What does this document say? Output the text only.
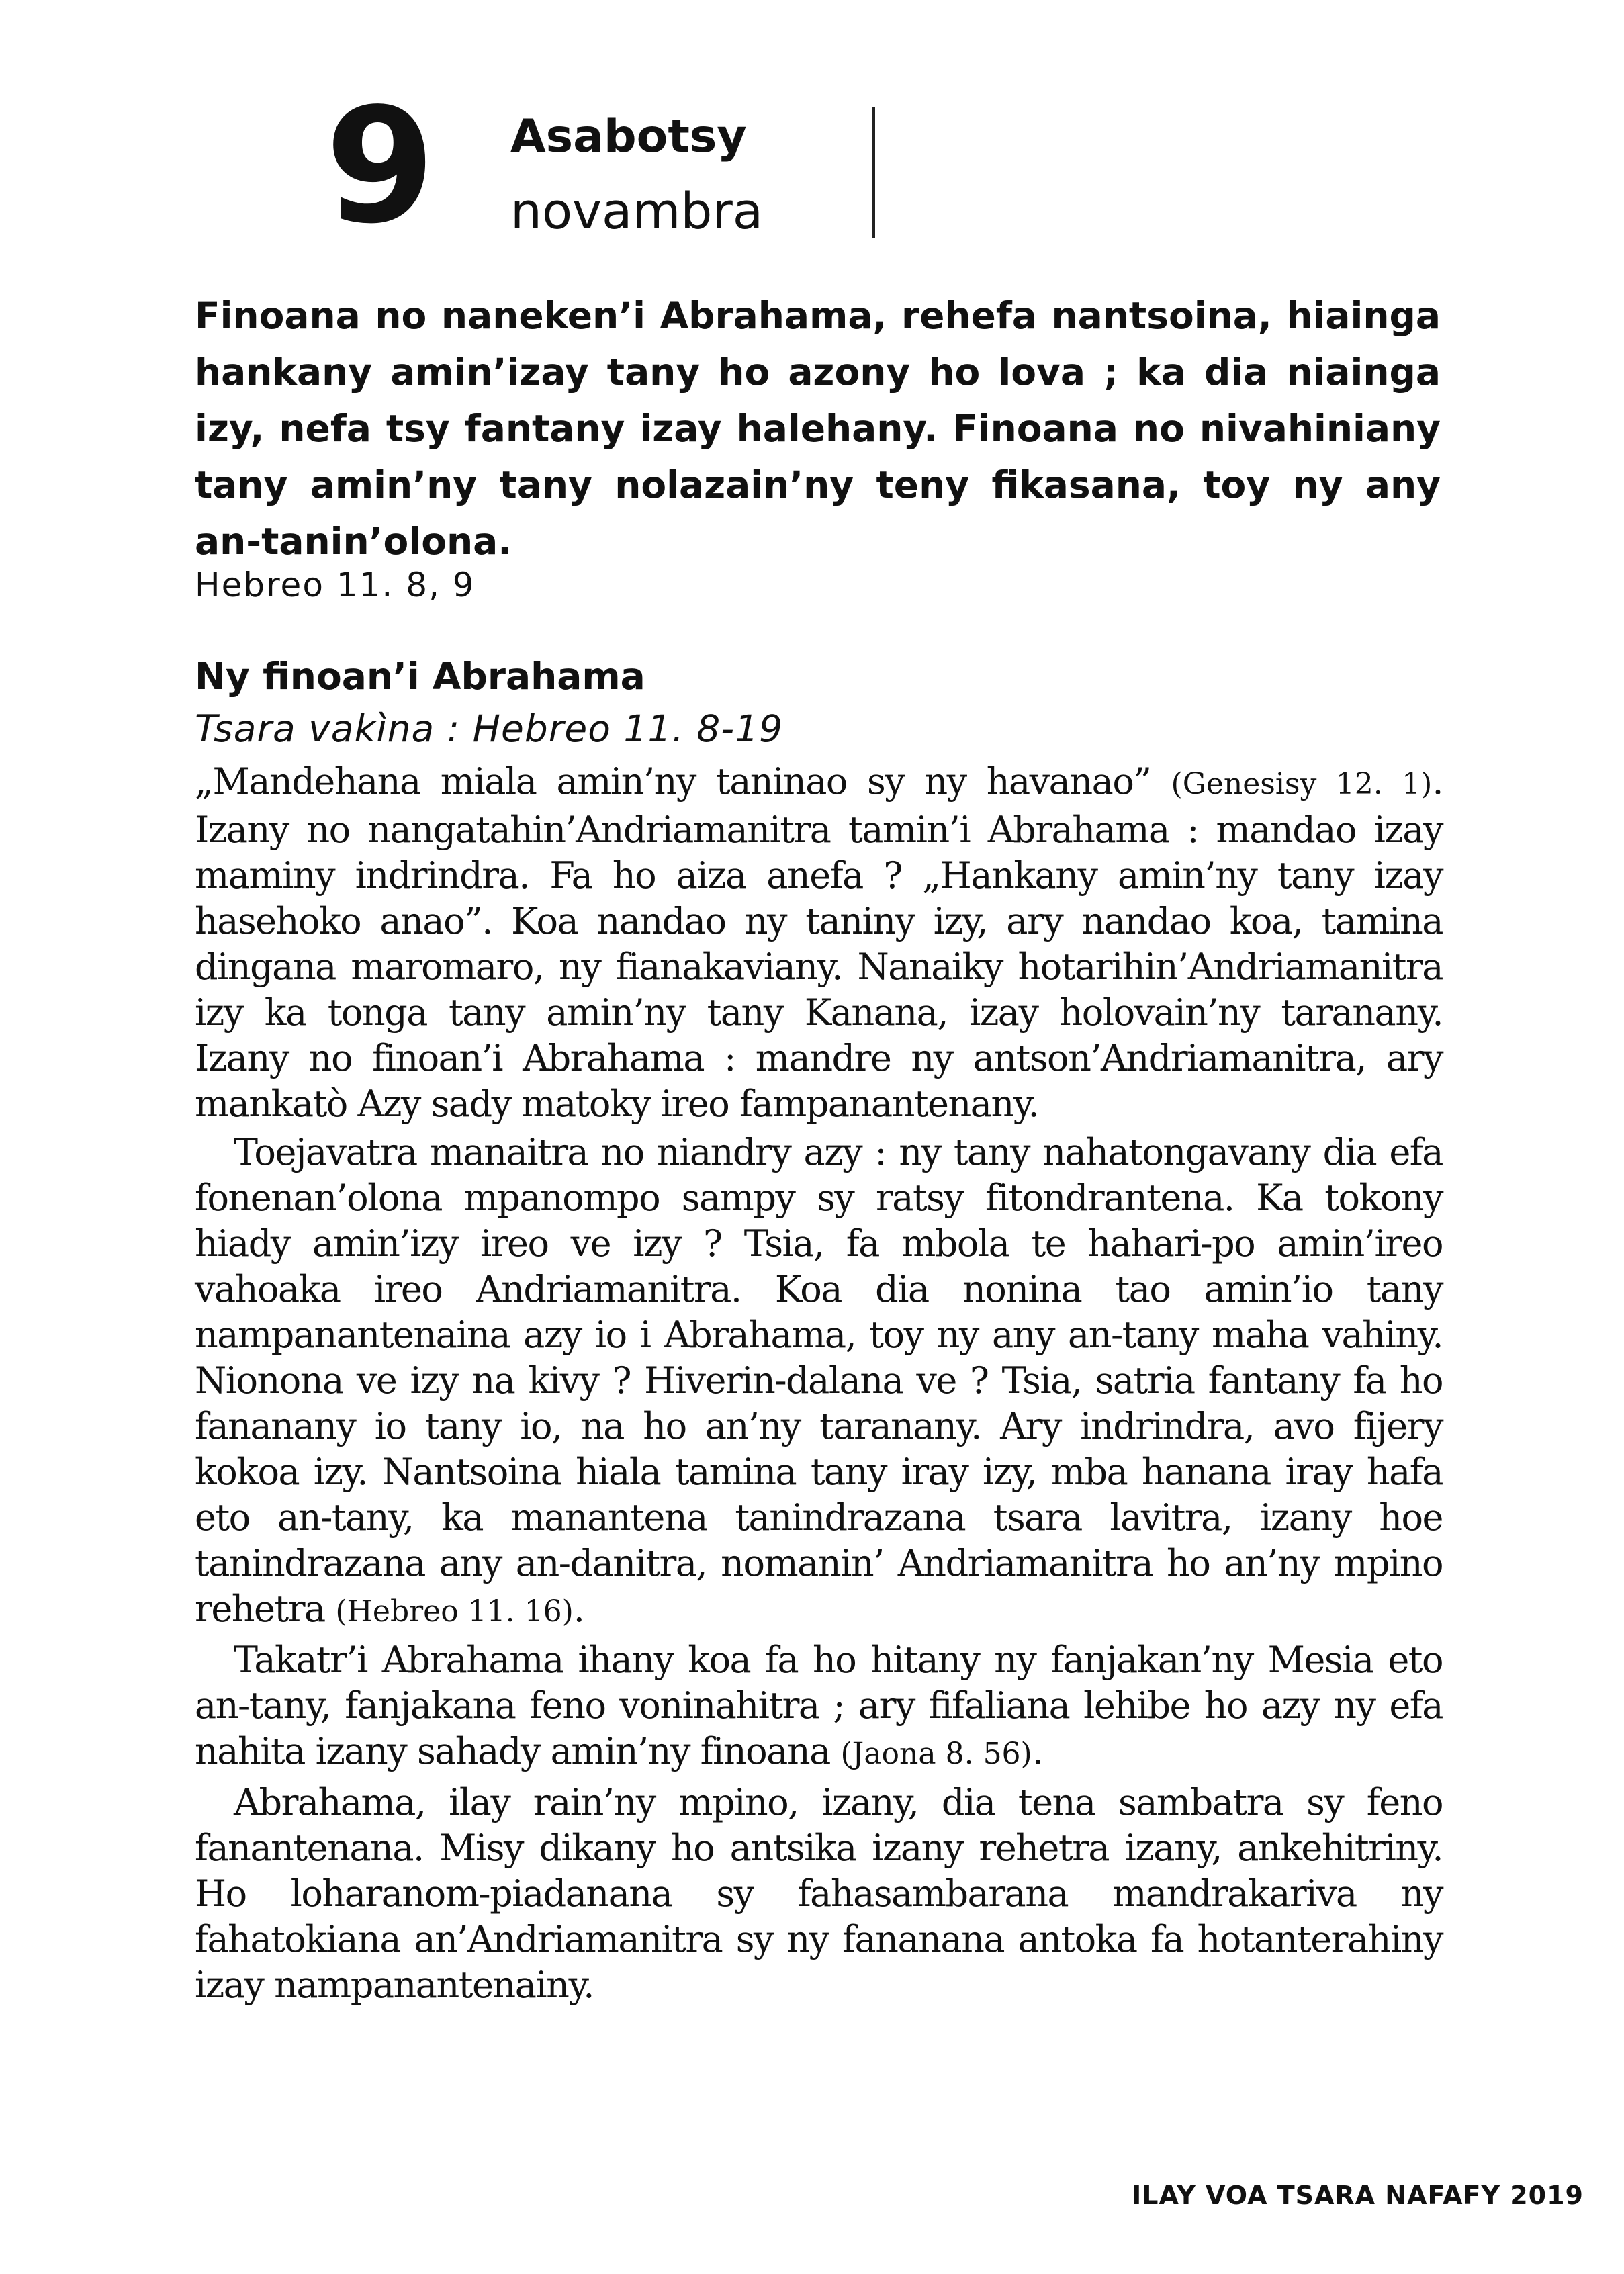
9 Asabotsy
novambra

Finoana no naneken’i Abrahama, rehefa nantsoina, hiainga hankany amin’izay tany ho azony ho lova ; ka dia niainga izy, nefa tsy fantany izay halehany. Finoana no nivahiniany tany amin’ny tany nolazain’ny teny fikasana, toy ny any an-tanin’olona.

Hebreo 11. 8, 9
Ny finoan’i Abrahama
Tsara vakìna : Hebreo 11. 8-19

„Mandehana miala amin’ny taninao sy ny havanao” (Genesisy 12. 1). Izany no nangatahin’Andriamanitra tamin’i Abrahama : mandao izay maminy indrindra. Fa ho aiza anefa ? „Hankany amin’ny tany izay hasehoko anao”. Koa nandao ny taniny izy, ary nandao koa, tamina dingana maromaro, ny fianakaviany. Nanaiky hotarihin’Andriamanitra izy ka tonga tany amin’ny tany Kanana, izay holovain’ny taranany. Izany no finoan’i Abrahama : mandre ny antson’Andriamanitra, ary mankatò Azy sady matoky ireo fampanantenany.

Toejavatra manaitra no niandry azy : ny tany nahatongavany dia efa fonenan’olona mpanompo sampy sy ratsy fitondrantena. Ka tokony hiady amin’izy ireo ve izy ? Tsia, fa mbola te hahari-po amin’ireo vahoaka ireo Andriamanitra. Koa dia nonina tao amin’io tany nampanantenaina azy io i Abrahama, toy ny any an-tany maha vahiny. Niononа ve izy na kivy ? Hiverin-dalana ve ? Tsia, satria fantany fa ho fananany io tany io, na ho an’ny taranany. Ary indrindra, avo fijery kokoa izy. Nantsoina hiala tamina tany iray izy, mba hanana iray hafa eto an-tany, ka manantena tanindrazana tsara lavitra, izany hoe tanindrazana any an-danitra, nomanin’ Andriamanitra ho an’ny mpino rehetra (Hebreo 11. 16).

Takatr’i Abrahama ihany koa fa ho hitany ny fanjakan’ny Mesia eto an-tany, fanjakana feno voninahitra ; ary fifaliana lehibe ho azy ny efa nahita izany sahady amin’ny finoana (Jaona 8. 56).

Abrahama, ilay rain’ny mpino, izany, dia tena sambatra sy feno fanantenana. Misy dikany ho antsika izany rehetra izany, ankehitriny. Ho loharanom-piadanana sy fahasambarana mandrakariva ny fahatokiana an’Andriamanitra sy ny fananana antoka fa hotanterahiny izay nampanantenainy.

ILAY VOA TSARA NAFAFY 2019
